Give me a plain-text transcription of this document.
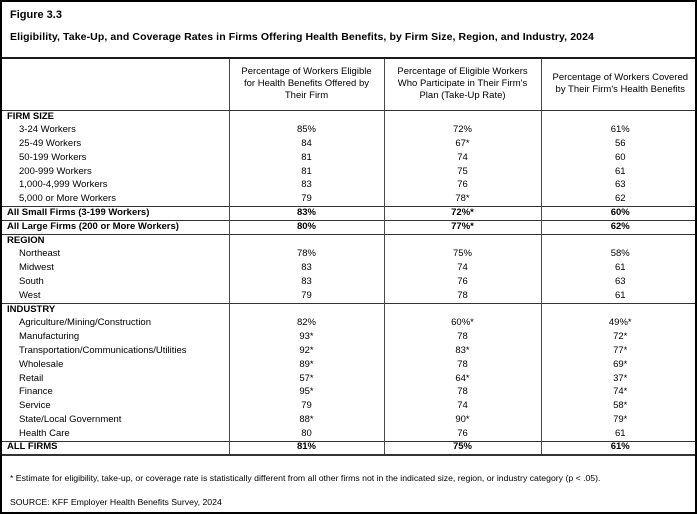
Figure 3.3
Eligibility, Take-Up, and Coverage Rates in Firms Offering Health Benefits, by Firm Size, Region, and Industry, 2024
	Percentage of Workers Eligible for Health Benefits Offered by Their Firm	Percentage of Eligible Workers Who Participate in Their Firm's Plan (Take-Up Rate)	Percentage of Workers Covered by Their Firm's Health Benefits
FIRM SIZE			
3-24 Workers	85%	72%	61%
25-49 Workers	84	67*	56
50-199 Workers	81	74	60
200-999 Workers	81	75	61
1,000-4,999 Workers	83	76	63
5,000 or More Workers	79	78*	62
All Small Firms (3-199 Workers)	83%	72%*	60%
All Large Firms (200 or More Workers)	80%	77%*	62%
REGION			
Northeast	78%	75%	58%
Midwest	83	74	61
South	83	76	63
West	79	78	61
INDUSTRY			
Agriculture/Mining/Construction	82%	60%*	49%*
Manufacturing	93*	78	72*
Transportation/Communications/Utilities	92*	83*	77*
Wholesale	89*	78	69*
Retail	57*	64*	37*
Finance	95*	78	74*
Service	79	74	58*
State/Local Government	88*	90*	79*
Health Care	80	76	61
ALL FIRMS	81%	75%	61%
* Estimate for eligibility, take-up, or coverage rate is statistically different from all other firms not in the indicated size, region, or industry category (p < .05).
SOURCE: KFF Employer Health Benefits Survey, 2024
